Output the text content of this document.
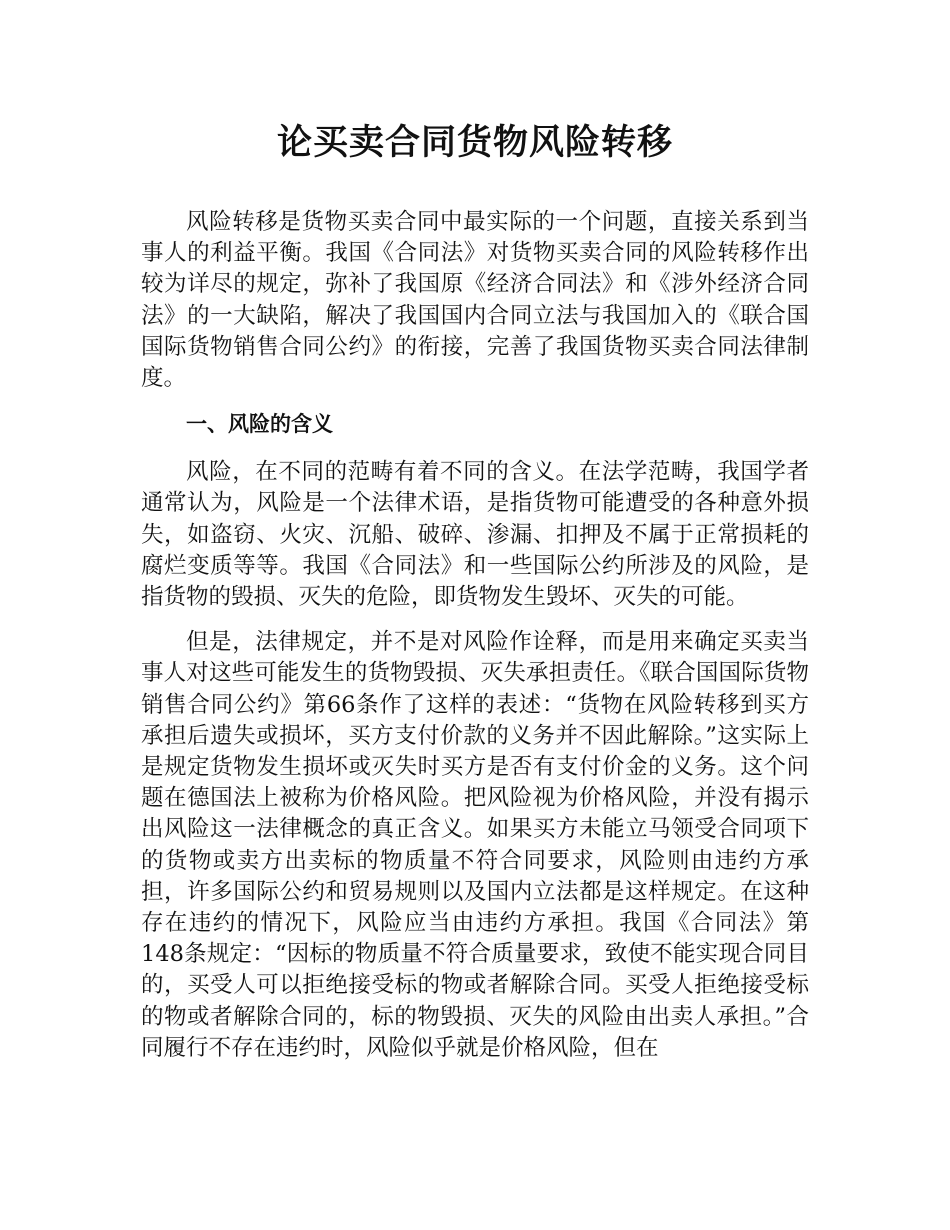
论买卖合同货物风险转移

风险转移是货物买卖合同中最实际的一个问题，直接关系到当事人的利益平衡。我国《合同法》对货物买卖合同的风险转移作出较为详尽的规定，弥补了我国原《经济合同法》和《涉外经济合同法》的一大缺陷，解决了我国国内合同立法与我国加入的《联合国国际货物销售合同公约》的衔接，完善了我国货物买卖合同法律制度。

一、风险的含义

风险，在不同的范畴有着不同的含义。在法学范畴，我国学者通常认为，风险是一个法律术语，是指货物可能遭受的各种意外损失，如盗窃、火灾、沉船、破碎、渗漏、扣押及不属于正常损耗的腐烂变质等等。我国《合同法》和一些国际公约所涉及的风险，是指货物的毁损、灭失的危险，即货物发生毁坏、灭失的可能。

但是，法律规定，并不是对风险作诠释，而是用来确定买卖当事人对这些可能发生的货物毁损、灭失承担责任。《联合国国际货物销售合同公约》第66条作了这样的表述：“货物在风险转移到买方承担后遗失或损坏，买方支付价款的义务并不因此解除。”这实际上是规定货物发生损坏或灭失时买方是否有支付价金的义务。这个问题在德国法上被称为价格风险。把风险视为价格风险，并没有揭示出风险这一法律概念的真正含义。如果买方未能立马领受合同项下的货物或卖方出卖标的物质量不符合同要求，风险则由违约方承担，许多国际公约和贸易规则以及国内立法都是这样规定。在这种存在违约的情况下，风险应当由违约方承担。我国《合同法》第148条规定：“因标的物质量不符合质量要求，致使不能实现合同目的，买受人可以拒绝接受标的物或者解除合同。买受人拒绝接受标的物或者解除合同的，标的物毁损、灭失的风险由出卖人承担。”合同履行不存在违约时，风险似乎就是价格风险，但在
